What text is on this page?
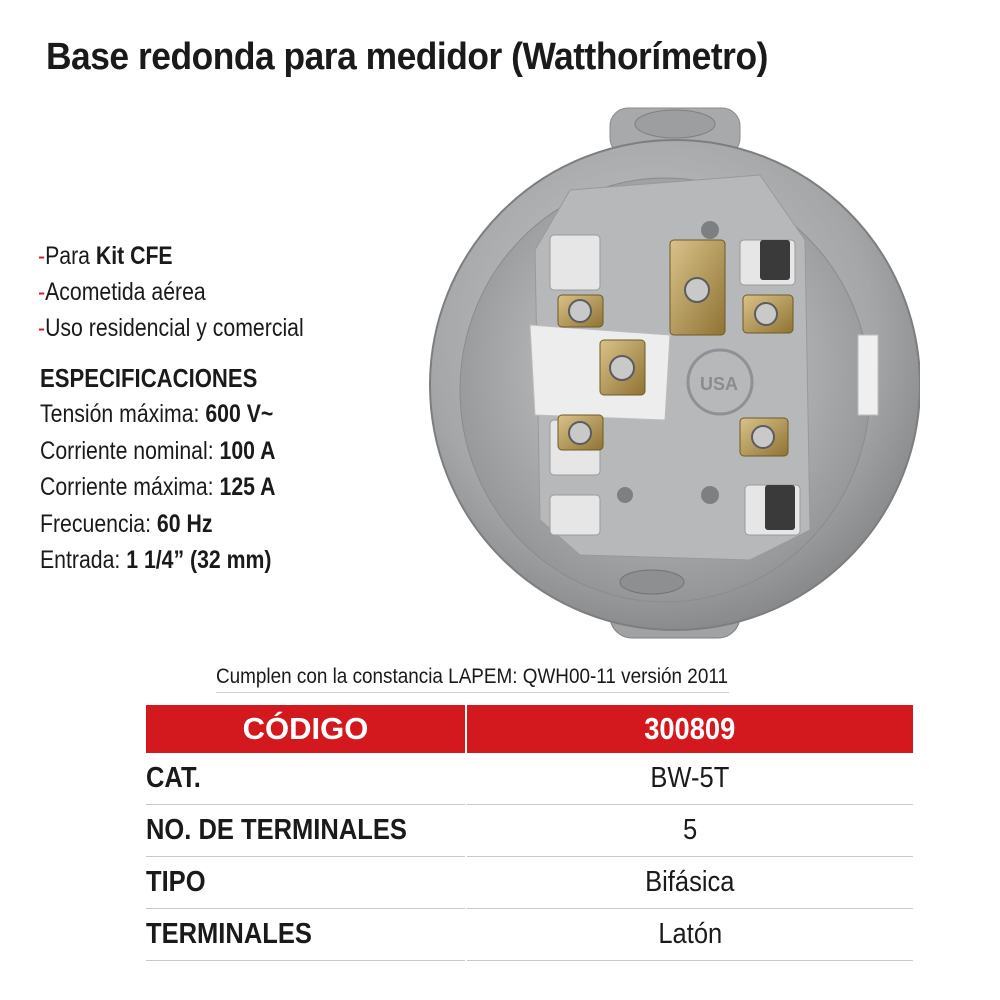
Base redonda para medidor (Watthorímetro)
-Para Kit CFE
-Acometida aérea
-Uso residencial y comercial
ESPECIFICACIONES
Tensión máxima: 600 V~
Corriente nominal: 100 A
Corriente máxima: 125 A
Frecuencia: 60 Hz
Entrada: 1 1/4” (32 mm)
USA
Cumplen con la constancia LAPEM: QWH00-11 versión 2011
CÓDIGO	300809
CAT.	BW-5T
NO. DE TERMINALES	5
TIPO	Bifásica
TERMINALES	Latón
